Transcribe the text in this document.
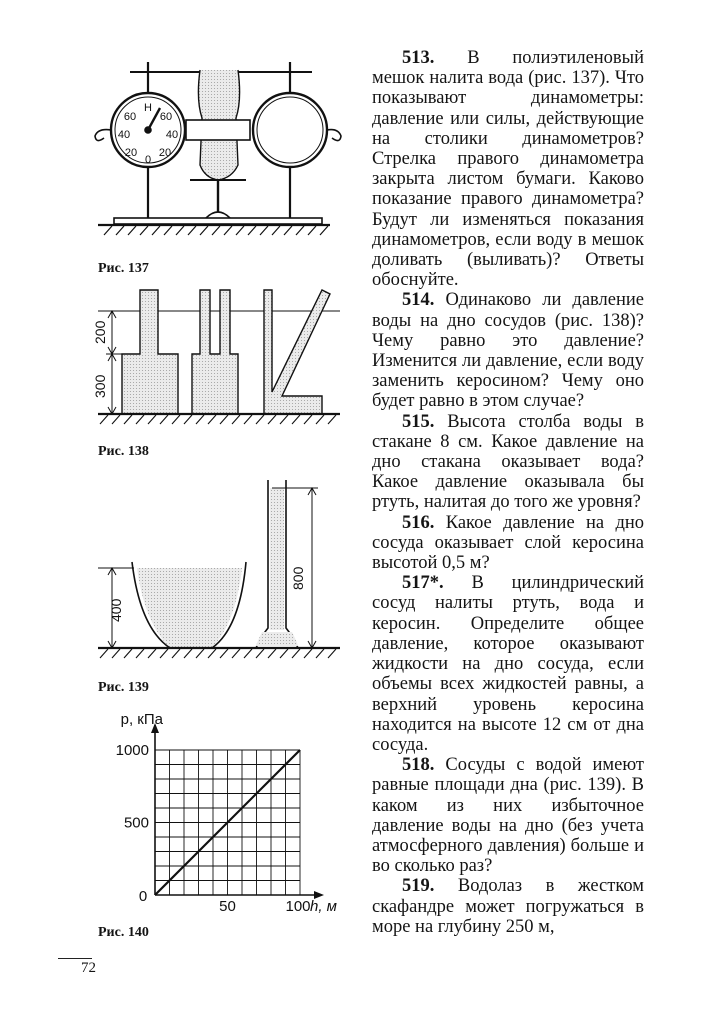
Н
60 60
40	40
20 20
0
200
300
400
800
0
50	100
500
1000
h, м
p, кПа
Рис. 137
Рис. 138
Рис. 139
Рис. 140

513. В полиэтиленовый мешок налита вода (рис. 137). Что показывают динамометры: давление или силы, действующие на столики динамометров? Стрелка правого динамометра закрыта листом бумаги. Каково показание правого динамометра? Будут ли изменяться показания динамометров, если воду в мешок доливать (выливать)? Ответы обоснуйте.

514. Одинаково ли давление воды на дно сосудов (рис. 138)? Чему равно это давление? Изменится ли давление, если воду заменить керосином? Чему оно будет равно в этом случае?

515. Высота столба воды в стакане 8 см. Какое давление на дно стакана оказывает вода? Какое давление оказывала бы ртуть, налитая до того же уровня?

516. Какое давление на дно сосуда оказывает слой керосина высотой 0,5 м?

517*. В цилиндрический сосуд налиты ртуть, вода и керосин. Определите общее давление, которое оказывают жидкости на дно сосуда, если объемы всех жидкостей равны, а верхний уровень керосина находится на высоте 12 см от дна сосуда.

518. Сосуды с водой имеют равные площади дна (рис. 139). В каком из них избыточное давление воды на дно (без учета атмосферного давления) больше и во сколько раз?

519. Водолаз в жестком скафандре может погружаться в море на глубину 250 м,

72
